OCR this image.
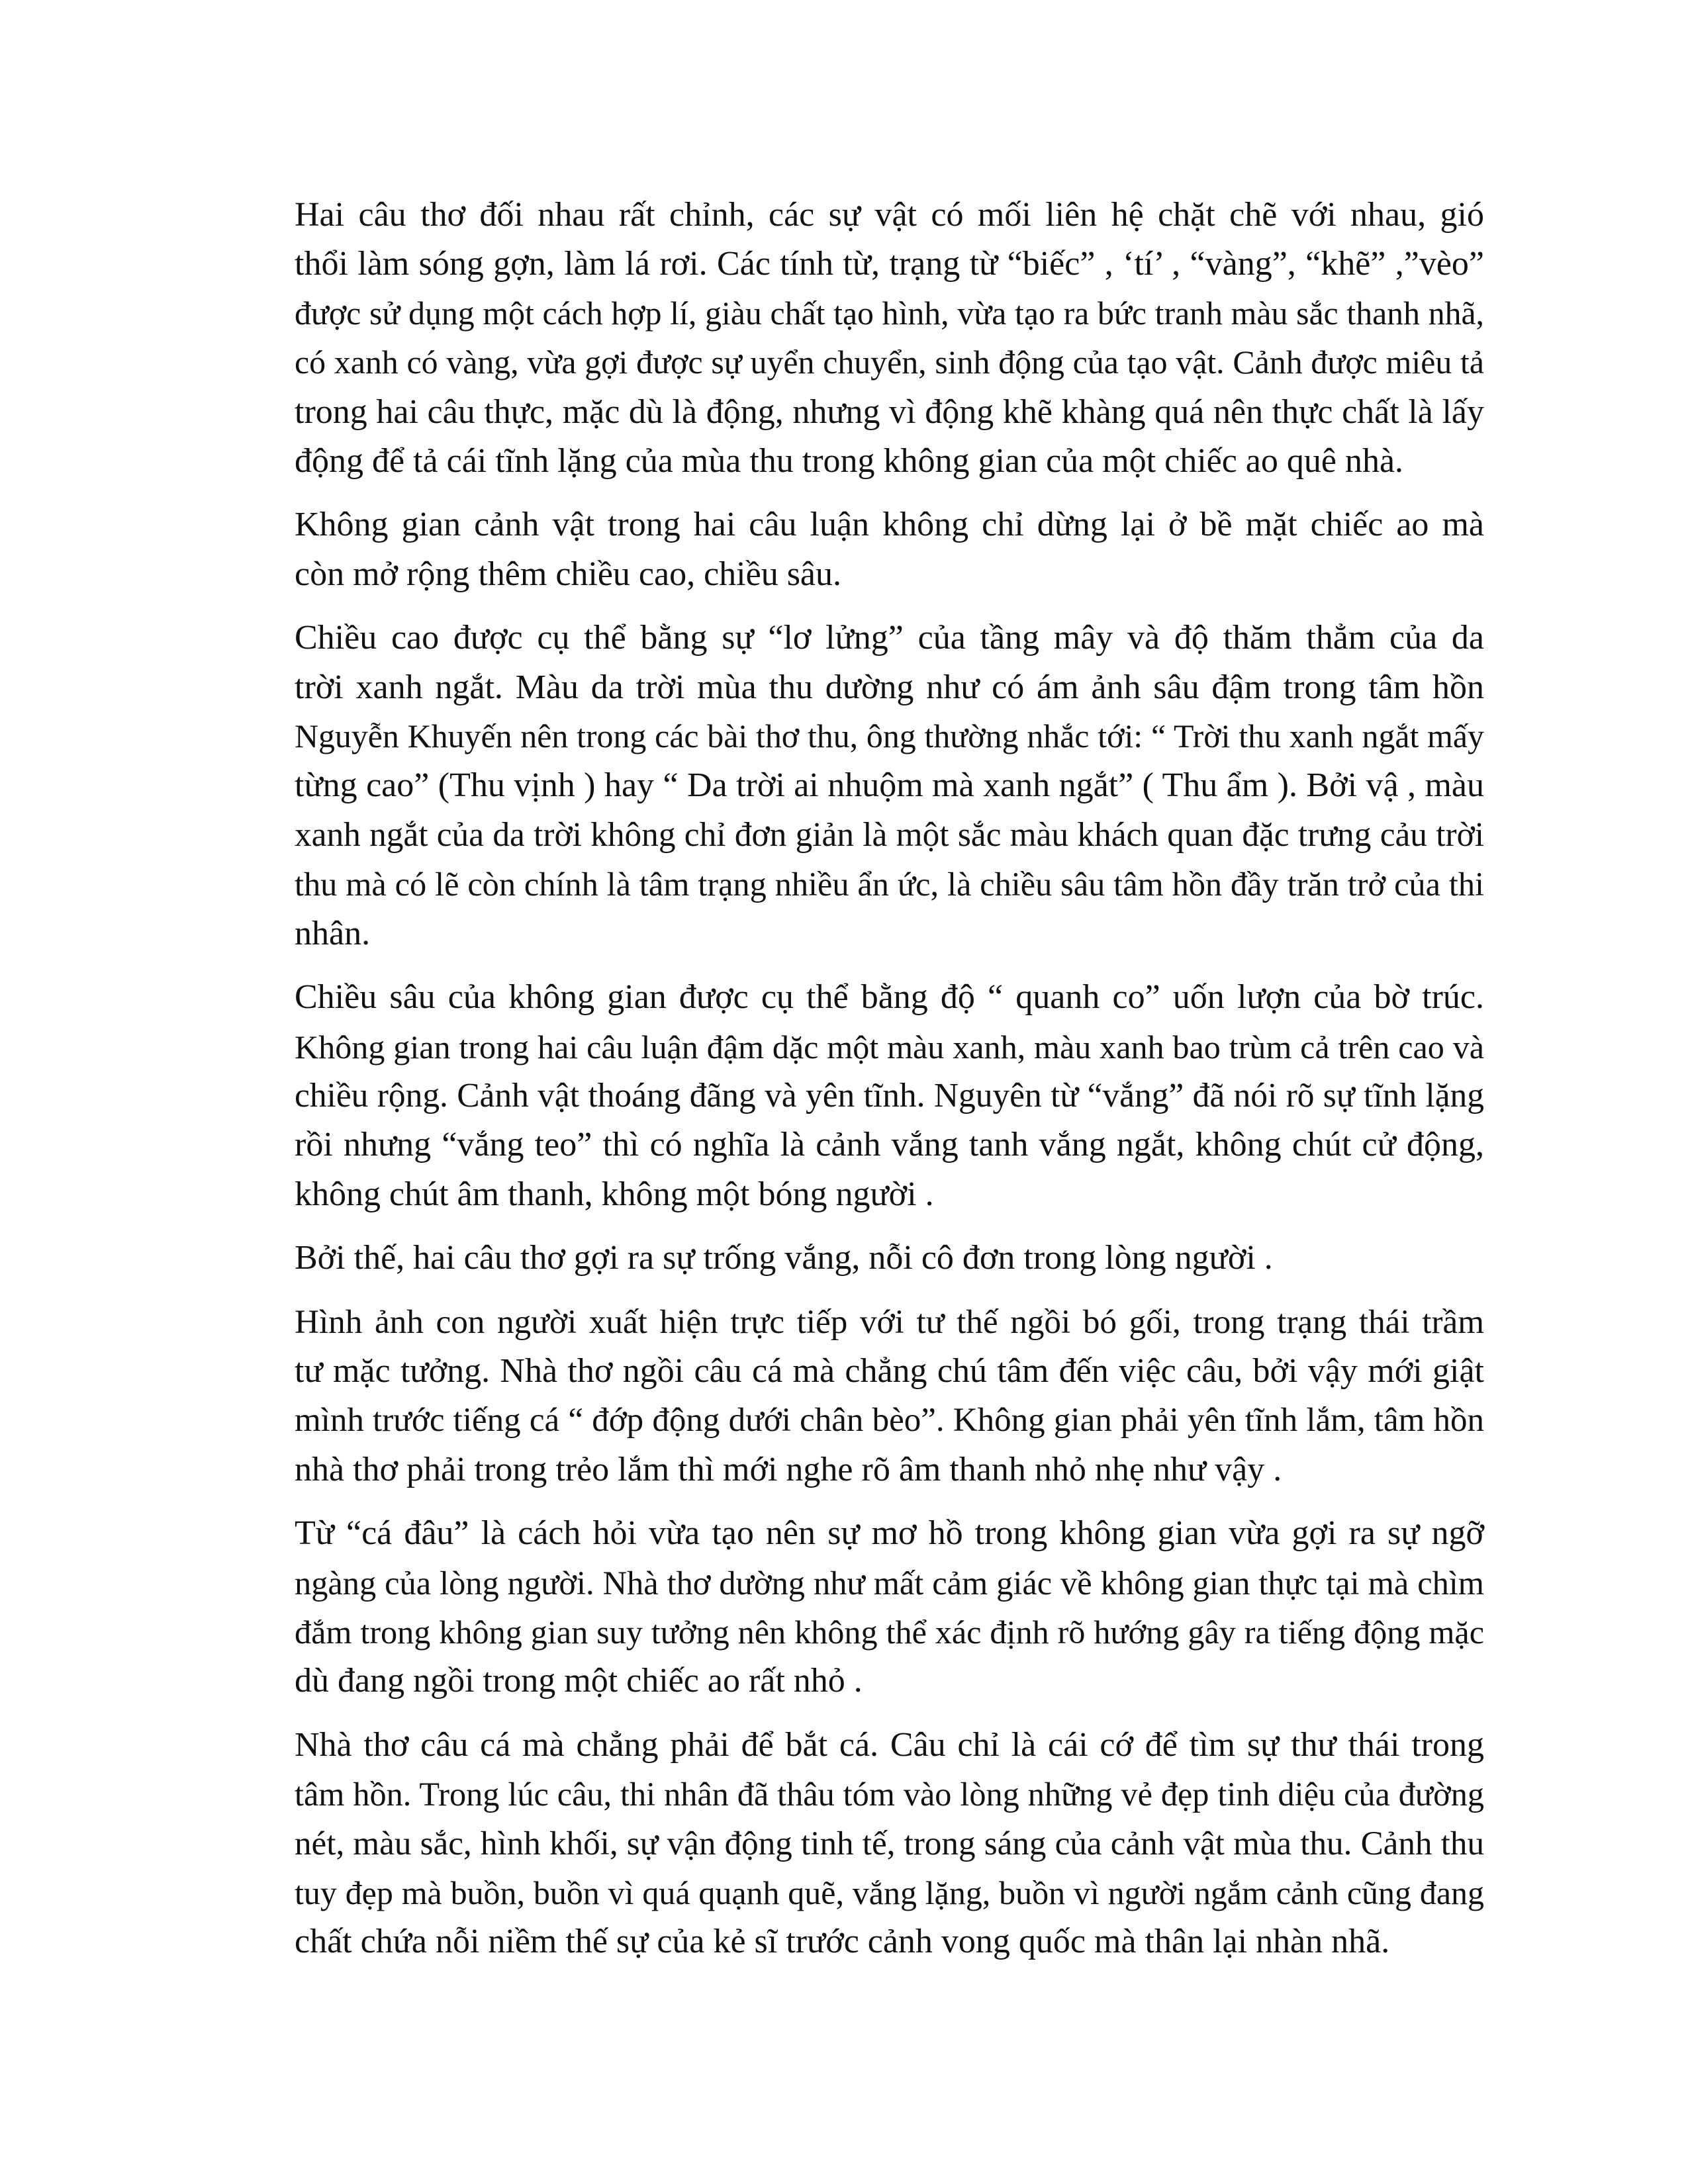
Hai câu thơ đối nhau rất chỉnh, các sự vật có mối liên hệ chặt chẽ với nhau, gió
thổi làm sóng gợn, làm lá rơi. Các tính từ, trạng từ “biếc” , ‘tí’ , “vàng”, “khẽ” ,”vèo”
được sử dụng một cách hợp lí, giàu chất tạo hình, vừa tạo ra bức tranh màu sắc thanh nhã,
có xanh có vàng, vừa gợi được sự uyển chuyển, sinh động của tạo vật. Cảnh được miêu tả
trong hai câu thực, mặc dù là động, nhưng vì động khẽ khàng quá nên thực chất là lấy
động để tả cái tĩnh lặng của mùa thu trong không gian của một chiếc ao quê nhà.

Không gian cảnh vật trong hai câu luận không chỉ dừng lại ở bề mặt chiếc ao mà
còn mở rộng thêm chiều cao, chiều sâu.

Chiều cao được cụ thể bằng sự “lơ lửng” của tầng mây và độ thăm thẳm của da
trời xanh ngắt. Màu da trời mùa thu dường như có ám ảnh sâu đậm trong tâm hồn
Nguyễn Khuyến nên trong các bài thơ thu, ông thường nhắc tới: “ Trời thu xanh ngắt mấy
từng cao” (Thu vịnh ) hay “ Da trời ai nhuộm mà xanh ngắt” ( Thu ẩm ). Bởi vậ , màu
xanh ngắt của da trời không chỉ đơn giản là một sắc màu khách quan đặc trưng cảu trời
thu mà có lẽ còn chính là tâm trạng nhiều ẩn ức, là chiều sâu tâm hồn đầy trăn trở của thi
nhân.

Chiều sâu của không gian được cụ thể bằng độ “ quanh co” uốn lượn của bờ trúc.
Không gian trong hai câu luận đậm dặc một màu xanh, màu xanh bao trùm cả trên cao và
chiều rộng. Cảnh vật thoáng đãng và yên tĩnh. Nguyên từ “vắng” đã nói rõ sự tĩnh lặng
rồi nhưng “vắng teo” thì có nghĩa là cảnh vắng tanh vắng ngắt, không chút cử động,
không chút âm thanh, không một bóng người .

Bởi thế, hai câu thơ gợi ra sự trống vắng, nỗi cô đơn trong lòng người .

Hình ảnh con người xuất hiện trực tiếp với tư thế ngồi bó gối, trong trạng thái trầm
tư mặc tưởng. Nhà thơ ngồi câu cá mà chẳng chú tâm đến việc câu, bởi vậy mới giật
mình trước tiếng cá “ đớp động dưới chân bèo”. Không gian phải yên tĩnh lắm, tâm hồn
nhà thơ phải trong trẻo lắm thì mới nghe rõ âm thanh nhỏ nhẹ như vậy .

Từ “cá đâu” là cách hỏi vừa tạo nên sự mơ hồ trong không gian vừa gợi ra sự ngỡ
ngàng của lòng người. Nhà thơ dường như mất cảm giác về không gian thực tại mà chìm
đắm trong không gian suy tưởng nên không thể xác định rõ hướng gây ra tiếng động mặc
dù đang ngồi trong một chiếc ao rất nhỏ .

Nhà thơ câu cá mà chẳng phải để bắt cá. Câu chỉ là cái cớ để tìm sự thư thái trong
tâm hồn. Trong lúc câu, thi nhân đã thâu tóm vào lòng những vẻ đẹp tinh diệu của đường
nét, màu sắc, hình khối, sự vận động tinh tế, trong sáng của cảnh vật mùa thu. Cảnh thu
tuy đẹp mà buồn, buồn vì quá quạnh quẽ, vắng lặng, buồn vì người ngắm cảnh cũng đang
chất chứa nỗi niềm thế sự của kẻ sĩ trước cảnh vong quốc mà thân lại nhàn nhã.
